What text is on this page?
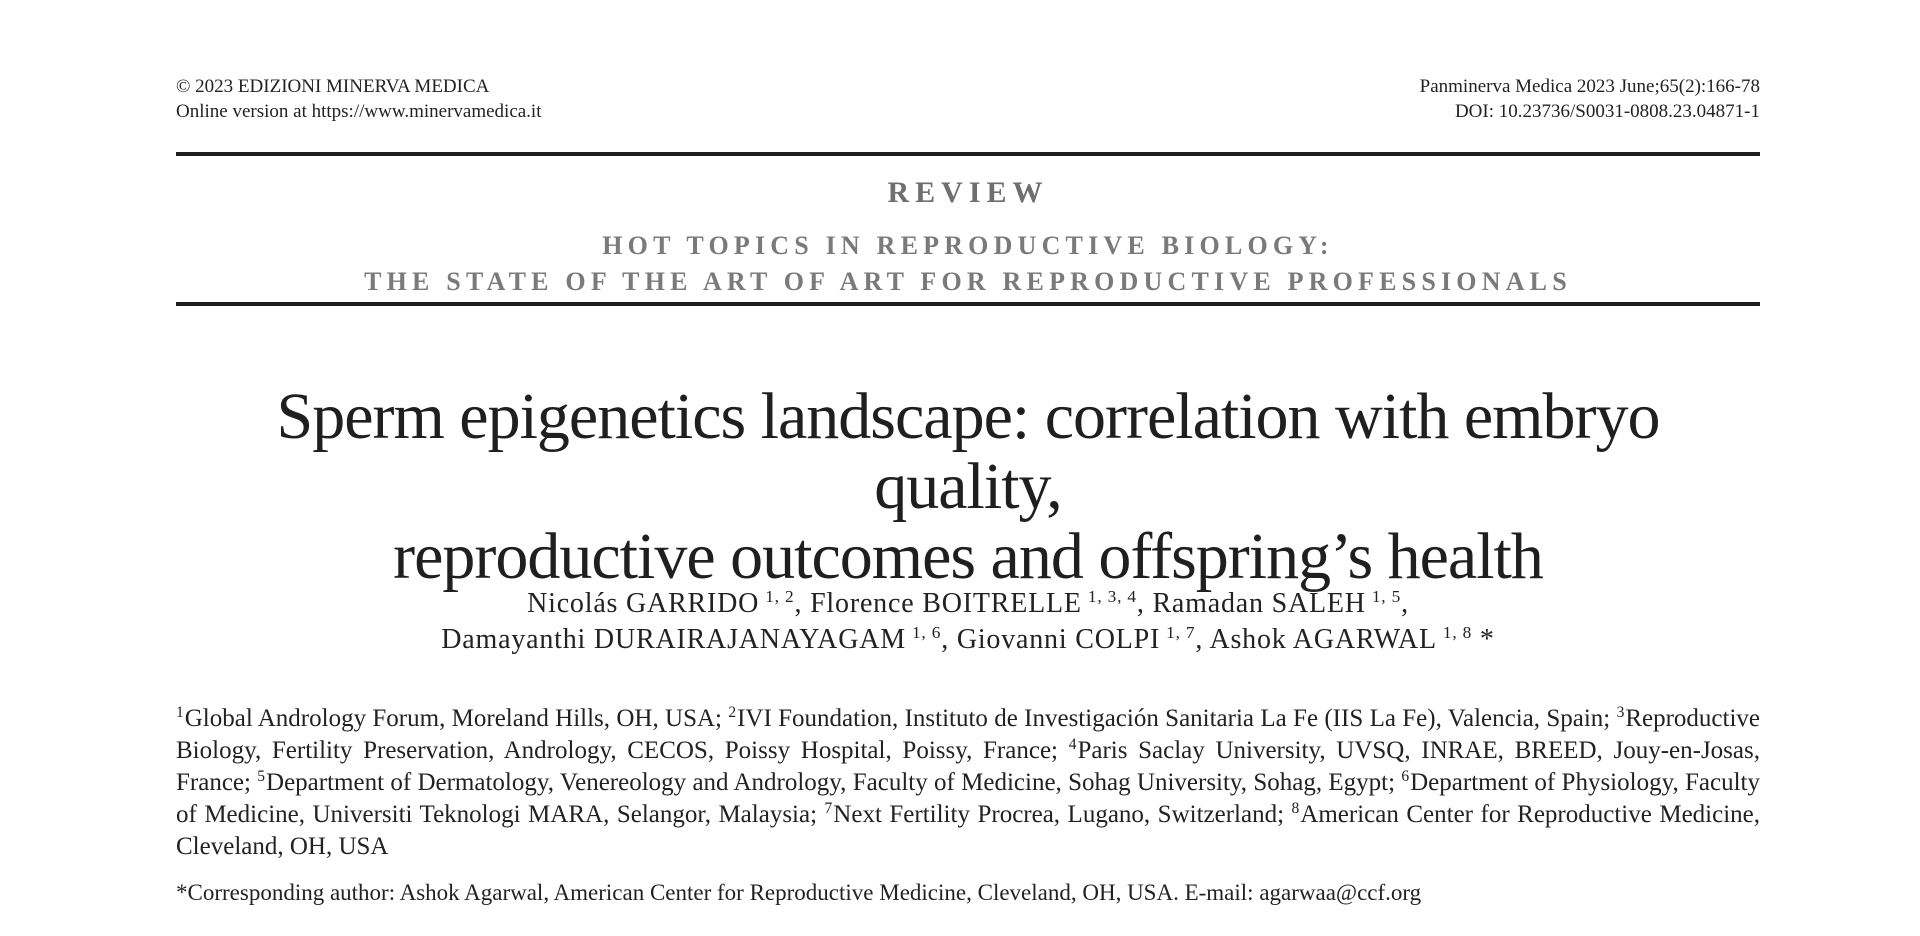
© 2023 EDIZIONI MINERVA MEDICA
Online version at https://www.minervamedica.it
Panminerva Medica 2023 June;65(2):166-78
DOI: 10.23736/S0031-0808.23.04871-1
REVIEW
HOT TOPICS IN REPRODUCTIVE BIOLOGY:
THE STATE OF THE ART OF ART FOR REPRODUCTIVE PROFESSIONALS
Sperm epigenetics landscape: correlation with embryo quality,
reproductive outcomes and offspring’s health
Nicolás GARRIDO $^{1, 2}$, Florence BOITRELLE $^{1, 3, 4}$, Ramadan SALEH $^{1, 5}$,
Damayanthi DURAIRAJANAYAGAM $^{1, 6}$, Giovanni COLPI $^{1, 7}$, Ashok AGARWAL $^{1, 8}$ *
$^1$Global Andrology Forum, Moreland Hills, OH, USA; $^2$IVI Foundation, Instituto de Investigación Sanitaria La Fe (IIS La Fe), Valencia, Spain; $^3$Reproductive Biology, Fertility Preservation, Andrology, CECOS, Poissy Hospital, Poissy, France; $^4$Paris Saclay University, UVSQ, INRAE, BREED, Jouy-en-Josas, France; $^5$Department of Dermatology, Venereology and Andrology, Faculty of Medicine, Sohag University, Sohag, Egypt; $^6$Department of Physiology, Faculty of Medicine, Universiti Teknologi MARA, Selangor, Malaysia; $^7$Next Fertility Procrea, Lugano, Switzerland; $^8$American Center for Reproductive Medicine, Cleveland, OH, USA
*Corresponding author: Ashok Agarwal, American Center for Reproductive Medicine, Cleveland, OH, USA. E-mail: agarwaa@ccf.org
